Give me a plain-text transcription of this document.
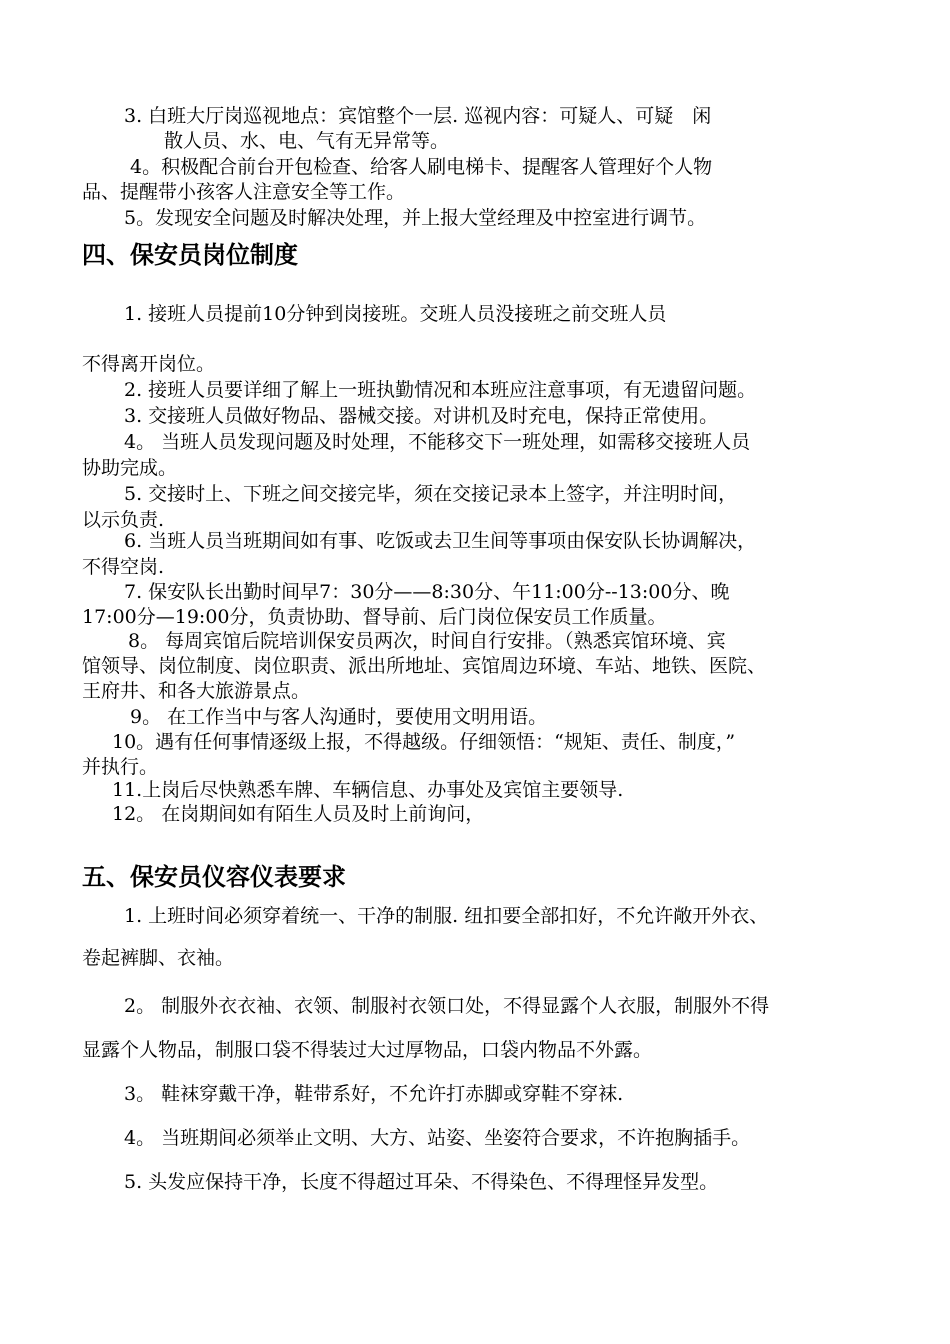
3. 白班大厅岗巡视地点：宾馆整个一层. 巡视内容：可疑人、可疑　闲
散人员、水、电、气有无异常等。
4。积极配合前台开包检查、给客人刷电梯卡、提醒客人管理好个人物
品、提醒带小孩客人注意安全等工作。
5。发现安全问题及时解决处理，并上报大堂经理及中控室进行调节。
四、保安员岗位制度
1. 接班人员提前10分钟到岗接班。交班人员没接班之前交班人员
不得离开岗位。
2. 接班人员要详细了解上一班执勤情况和本班应注意事项，有无遗留问题。
3. 交接班人员做好物品、器械交接。对讲机及时充电，保持正常使用。
4。 当班人员发现问题及时处理，不能移交下一班处理，如需移交接班人员
协助完成。
5. 交接时上、下班之间交接完毕，须在交接记录本上签字，并注明时间，
以示负责.
6. 当班人员当班期间如有事、吃饭或去卫生间等事项由保安队长协调解决，
不得空岗.
7. 保安队长出勤时间早7：30分——8:30分、午11:00分--13:00分、晚
17:00分—19:00分，负责协助、督导前、后门岗位保安员工作质量。
8。 每周宾馆后院培训保安员两次，时间自行安排。（熟悉宾馆环境、宾
馆领导、岗位制度、岗位职责、派出所地址、宾馆周边环境、车站、地铁、医院、
王府井、和各大旅游景点。
9。 在工作当中与客人沟通时，要使用文明用语。
10。遇有任何事情逐级上报，不得越级。仔细领悟：“规矩、责任、制度，”
并执行。
11.上岗后尽快熟悉车牌、车辆信息、办事处及宾馆主要领导.
12。 在岗期间如有陌生人员及时上前询问，
五、保安员仪容仪表要求
1. 上班时间必须穿着统一、干净的制服. 纽扣要全部扣好，不允许敞开外衣、
卷起裤脚、衣袖。
2。 制服外衣衣袖、衣领、制服衬衣领口处，不得显露个人衣服，制服外不得
显露个人物品，制服口袋不得装过大过厚物品，口袋内物品不外露。
3。 鞋袜穿戴干净，鞋带系好，不允许打赤脚或穿鞋不穿袜.
4。 当班期间必须举止文明、大方、站姿、坐姿符合要求，不许抱胸插手。
5. 头发应保持干净，长度不得超过耳朵、不得染色、不得理怪异发型。
